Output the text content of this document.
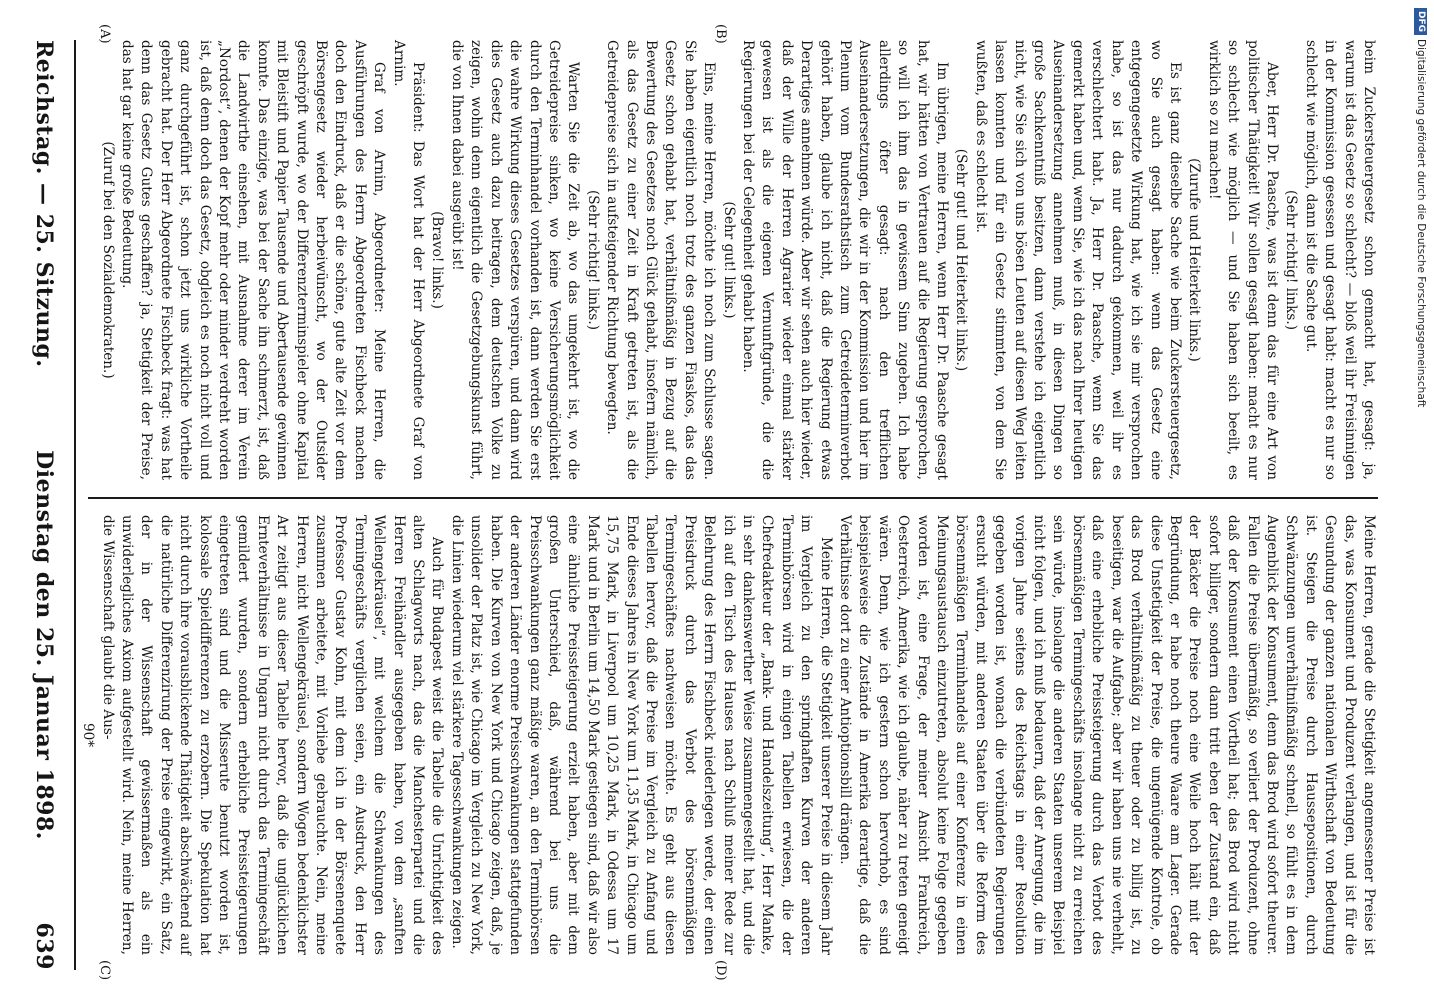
beim Zuckersteuergesetz schon gemacht hat, gesagt: ja, warum ist das Gesetz so schlecht? — bloß weil ihr Freisinnigen in der Kommission gesessen und gesagt habt: macht es nur so schlecht wie möglich, dann ist die Sache gut.

(Sehr richtig! links.)

Aber, Herr Dr. Paasche, was ist denn das für eine Art von politischer Thätigkeit! Wir sollen gesagt haben: macht es nur so schlecht wie möglich — und Sie haben sich beeilt, es wirklich so zu machen!

(Zurufe und Heiterkeit links.)

Es ist ganz dieselbe Sache wie beim Zuckersteuergesetz, wo Sie auch gesagt haben: wenn das Gesetz eine entgegengesetzte Wirkung hat, wie ich sie mir versprochen habe, so ist das nur dadurch gekommen, weil ihr es verschlechtert habt. Ja, Herr Dr. Paasche, wenn Sie das gemerkt haben und, wenn Sie, wie ich das nach Ihrer heutigen Auseinandersetzung annehmen muß, in diesen Dingen so große Sachkenntniß besitzen, dann verstehe ich eigentlich nicht, wie Sie sich von uns bösen Leuten auf diesen Weg leiten lassen konnten und für ein Gesetz stimmten, von dem Sie wußten, daß es schlecht ist.

(Sehr gut! und Heiterkeit links.)

Im übrigen, meine Herren, wenn Herr Dr. Paasche gesagt hat, wir hätten von Vertrauen auf die Regierung gesprochen, so will ich ihm das in gewissem Sinn zugeben. Ich habe allerdings öfter gesagt: nach den trefflichen Auseinandersetzungen, die wir in der Kommission und hier im Plenum vom Bundesrathstisch zum Getreideterminverbot gehört haben, glaube ich nicht, daß die Regierung etwas Derartiges annehmen würde. Aber wir sehen auch hier wieder, daß der Wille der Herren Agrarier wieder einmal stärker gewesen ist als die eigenen Vernunftgründe, die die Regierungen bei der Gelegenheit gehabt haben.

(Sehr gut! links.)

Eins, meine Herren, möchte ich noch zum Schlusse sagen. Sie haben eigentlich noch trotz des ganzen Fiaskos, das das Gesetz schon gehabt hat, verhältnißmäßig in Bezug auf die Bewertung des Gesetzes noch Glück gehabt, insofern nämlich, als das Gesetz zu einer Zeit in Kraft getreten ist, als die Getreidepreise sich in aufsteigender Richtung bewegten.

(Sehr richtig! links.)

Warten Sie die Zeit ab, wo das umgekehrt ist, wo die Getreidepreise sinken, wo keine Versicherungsmöglichkeit durch den Terminhandel vorhanden ist, dann werden Sie erst die wahre Wirkung dieses Gesetzes verspüren, und dann wird dies Gesetz auch dazu beitragen, dem deutschen Volke zu zeigen, wohin denn eigentlich die Gesetzgebungskunst führt, die von Ihnen dabei ausgeübt ist!

(Bravo! links.)

Präsident: Das Wort hat der Herr Abgeordnete Graf von Arnim.

Graf von Arnim, Abgeordneter: Meine Herren, die Ausführungen des Herrn Abgeordneten Fischbeck machen doch den Eindruck, daß er die schöne, gute alte Zeit vor dem Börsengesetz wieder herbeiwünscht, wo der Outsider geschröpft wurde, wo der Differenzterminspieler ohne Kapital mit Bleistift und Papier Tausende und Abertausende gewinnen konnte. Das einzige, was bei der Sache ihn schmerzt, ist, daß die Landwirthe einsehen, mit Ausnahme derer im Verein „Nordost“, denen der Kopf mehr oder minder verdreht worden ist, daß denn doch das Gesetz, obgleich es noch nicht voll und ganz durchgeführt ist, schon jetzt uns wirkliche Vortheile gebracht hat. Der Herr Abgeordnete Fischbeck fragt: was hat denn das Gesetz Gutes geschaffen? ja, Stetigkeit der Preise, das hat gar keine große Bedeutung.

(Zuruf bei den Sozialdemokraten.)

Meine Herren, gerade die Stetigkeit angemessener Preise ist das, was Konsument und Produzent verlangen, und ist für die Gesundung der ganzen nationalen Wirthschaft von Bedeutung ist. Steigen die Preise durch Haussepositionen, durch Schwänzungen unverhältnißmäßig schnell, so fühlt es in dem Augenblick der Konsument, denn das Brod wird sofort theurer. Fallen die Preise übermäßig, so verliert der Produzent, ohne daß der Konsument einen Vortheil hat; das Brod wird nicht sofort billiger, sondern dann tritt eben der Zustand ein, daß der Bäcker die Preise noch eine Weile hoch hält mit der Begründung, er habe noch theure Waare am Lager. Gerade diese Unstetigkeit der Preise, die ungenügende Kontrole, ob das Brod verhältnißmäßig zu theuer oder zu billig ist, zu beseitigen, war die Aufgabe; aber wir haben uns nie verhehlt, daß eine erhebliche Preissteigerung durch das Verbot des börsenmäßigen Termingeschäfts insolange nicht zu erreichen sein würde, insolange die anderen Staaten unserem Beispiel nicht folgen, und ich muß bedauern, daß der Anregung, die im vorigen Jahre seitens des Reichstags in einer Resolution gegeben worden ist, wonach die verbündeten Regierungen ersucht würden, mit anderen Staaten über die Reform des börsenmäßigen Terminhandels auf einer Konferenz in einen Meinungsaustausch einzutreten, absolut keine Folge gegeben worden ist, eine Frage, der meiner Ansicht Frankreich, Oesterreich, Amerika, wie ich glaube, näher zu treten geneigt wären. Denn, wie ich gestern schon hervorhob, es sind beispielsweise die Zustände in Amerika derartige, daß die Verhältnisse dort zu einer Antioptionsbill drängen.

Meine Herren, die Stetigkeit unserer Preise in diesem Jahr im Vergleich zu den springhaften Kurven der anderen Terminbörsen wird in einigen Tabellen erwiesen, die der Chefredakteur der „Bank- und Handelszeitung“, Herr Manke, in sehr dankenswerther Weise zusammengestellt hat, und die ich auf den Tisch des Hauses nach Schluß meiner Rede zur Belehrung des Herrn Fischbeck niederlegen werde, der einen Preisdruck durch das Verbot des börsenmäßigen Termingeschäftes nachweisen möchte. Es geht aus diesen Tabellen hervor, daß die Preise im Vergleich zu Anfang und Ende dieses Jahres in New York um 11,35 Mark, in Chicago um 15,75 Mark, in Liverpool um 10,25 Mark, in Odessa um 17 Mark und in Berlin um 14,50 Mark gestiegen sind, daß wir also eine ähnliche Preissteigerung erzielt haben, aber mit dem großen Unterschied, daß, während bei uns die Preisschwankungen ganz mäßige waren, an den Terminbörsen der anderen Länder enorme Preisschwankungen stattgefunden haben. Die Kurven von New York und Chicago zeigen, daß, je unsolider der Platz ist, wie Chicago im Vergleich zu New York, die Linien wiederum viel stärkere Tagesschwankungen zeigen.

Auch für Budapest weist die Tabelle die Unrichtigkeit des alten Schlagworts nach, das die Manchesterpartei und die Herren Freihändler ausgegeben haben, von dem „sanften Wellengekräusel“, mit welchem die Schwankungen des Termingeschäfts verglichen seien, ein Ausdruck, den Herr Professor Gustav Kohn, mit dem ich in der Börsenenquete zusammen arbeitete, mit Vorliebe gebrauchte. Nein, meine Herren, nicht Wellengekräusel, sondern Wogen bedenklichster Art zeitigt aus dieser Tabelle hervor, daß die unglücklichen Ernteverhältnisse in Ungarn nicht durch das Termingeschäft gemildert wurden, sondern erhebliche Preissteigerungen eingetreten sind und die Misserute benutzt worden ist, kolossale Spieldifferenzen zu erzobern. Die Spekulation hat nicht durch ihre vorausblickende Thätigkeit abschwächend auf die natürliche Differenzirung der Preise eingewirkt, ein Satz, der in der Wissenschaft gewissermaßen als ein unwiderlegliches Axiom aufgestellt wird. Nein, meine Herren, die Wissenschaft glaubt die Aus-

90*

Reichstag. — 25. Sitzung.
Dienstag den 25. Januar 1898.
639
(A)	(B)
(C)	(D)
DFG
Digitalisierung gefördert durch die Deutsche Forschungsgemeinschaft
